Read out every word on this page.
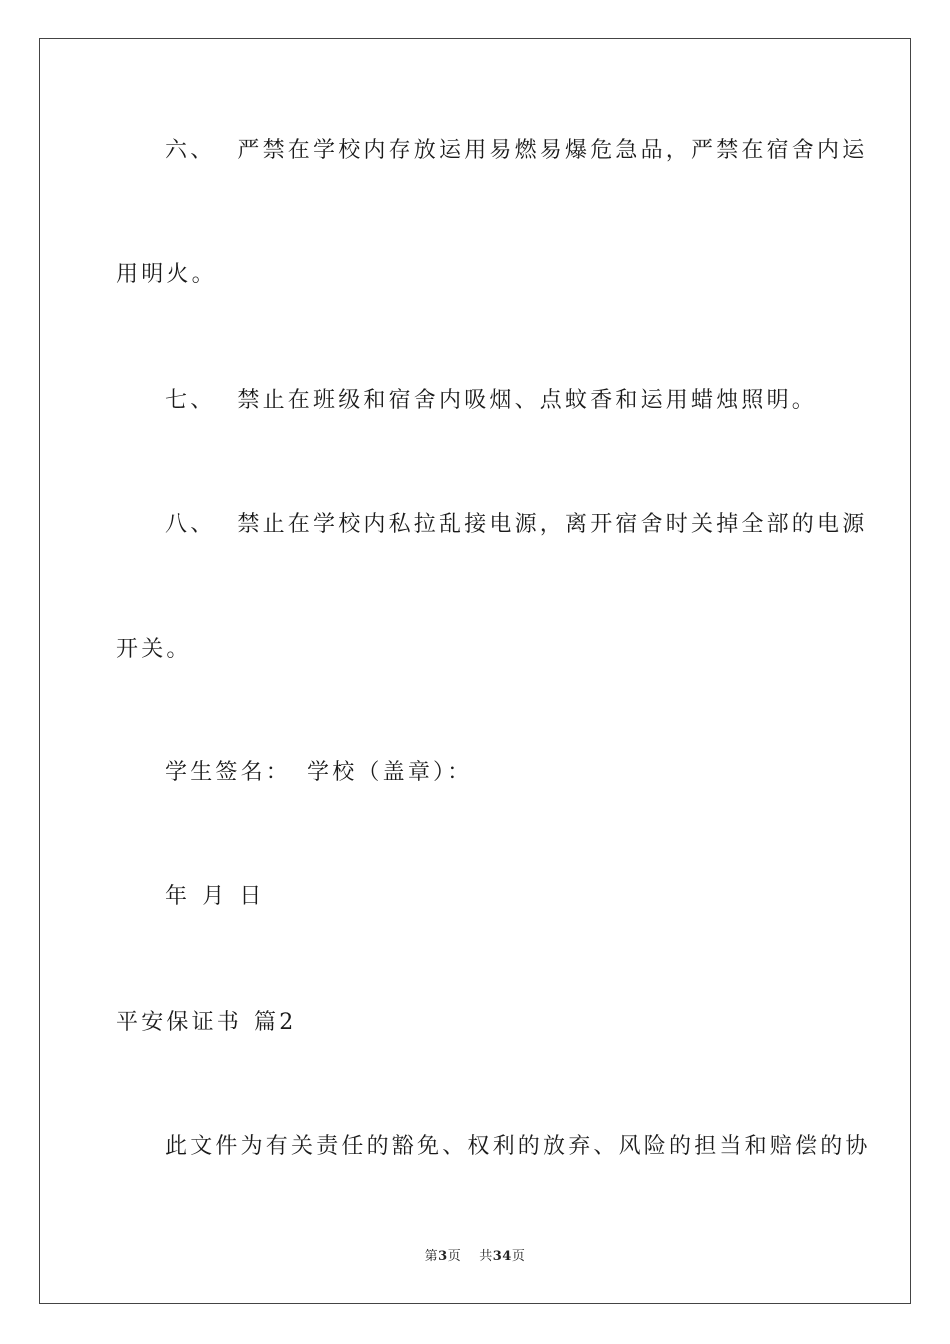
六、 严禁在学校内存放运用易燃易爆危急品，严禁在宿舍内运
用明火。
七、 禁止在班级和宿舍内吸烟、点蚊香和运用蜡烛照明。
八、 禁止在学校内私拉乱接电源，离开宿舍时关掉全部的电源
开关。
学生签名： 学校（盖章）：
年 月 日
平安保证书 篇2
此文件为有关责任的豁免、权利的放弃、风险的担当和赔偿的协
第3页 共34页
